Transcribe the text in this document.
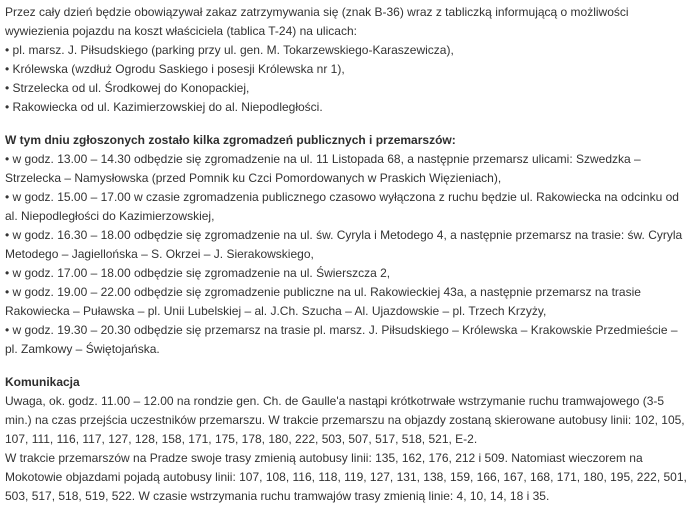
Przez cały dzień będzie obowiązywał zakaz zatrzymywania się (znak B-36) wraz z tabliczką informującą o możliwości
wywiezienia pojazdu na koszt właściciela (tablica T-24) na ulicach:
• pl. marsz. J. Piłsudskiego (parking przy ul. gen. M. Tokarzewskiego-Karaszewicza),
• Królewska (wzdłuż Ogrodu Saskiego i posesji Królewska nr 1),
• Strzelecka od ul. Środkowej do Konopackiej,
• Rakowiecka od ul. Kazimierzowskiej do al. Niepodległości.
W tym dniu zgłoszonych zostało kilka zgromadzeń publicznych i przemarszów:
• w godz. 13.00 – 14.30 odbędzie się zgromadzenie na ul. 11 Listopada 68, a następnie przemarsz ulicami: Szwedzka –
Strzelecka – Namysłowska (przed Pomnik ku Czci Pomordowanych w Praskich Więzieniach),
• w godz. 15.00 – 17.00 w czasie zgromadzenia publicznego czasowo wyłączona z ruchu będzie ul. Rakowiecka na odcinku od
al. Niepodległości do Kazimierzowskiej,
• w godz. 16.30 – 18.00 odbędzie się zgromadzenie na ul. św. Cyryla i Metodego 4, a następnie przemarsz na trasie: św. Cyryla
Metodego – Jagiellońska – S. Okrzei – J. Sierakowskiego,
• w godz. 17.00 – 18.00 odbędzie się zgromadzenie na ul. Świerszcza 2,
• w godz. 19.00 – 22.00 odbędzie się zgromadzenie publiczne na ul. Rakowieckiej 43a, a następnie przemarsz na trasie
Rakowiecka – Puławska – pl. Unii Lubelskiej – al. J.Ch. Szucha – Al. Ujazdowskie – pl. Trzech Krzyży,
• w godz. 19.30 – 20.30 odbędzie się przemarsz na trasie pl. marsz. J. Piłsudskiego – Królewska – Krakowskie Przedmieście –
pl. Zamkowy – Świętojańska.
Komunikacja
Uwaga, ok. godz. 11.00 – 12.00 na rondzie gen. Ch. de Gaulle'a nastąpi krótkotrwałe wstrzymanie ruchu tramwajowego (3-5
min.) na czas przejścia uczestników przemarszu. W trakcie przemarszu na objazdy zostaną skierowane autobusy linii: 102, 105,
107, 111, 116, 117, 127, 128, 158, 171, 175, 178, 180, 222, 503, 507, 517, 518, 521, E-2.
W trakcie przemarszów na Pradze swoje trasy zmienią autobusy linii: 135, 162, 176, 212 i 509. Natomiast wieczorem na
Mokotowie objazdami pojadą autobusy linii: 107, 108, 116, 118, 119, 127, 131, 138, 159, 166, 167, 168, 171, 180, 195, 222, 501,
503, 517, 518, 519, 522. W czasie wstrzymania ruchu tramwajów trasy zmienią linie: 4, 10, 14, 18 i 35.
